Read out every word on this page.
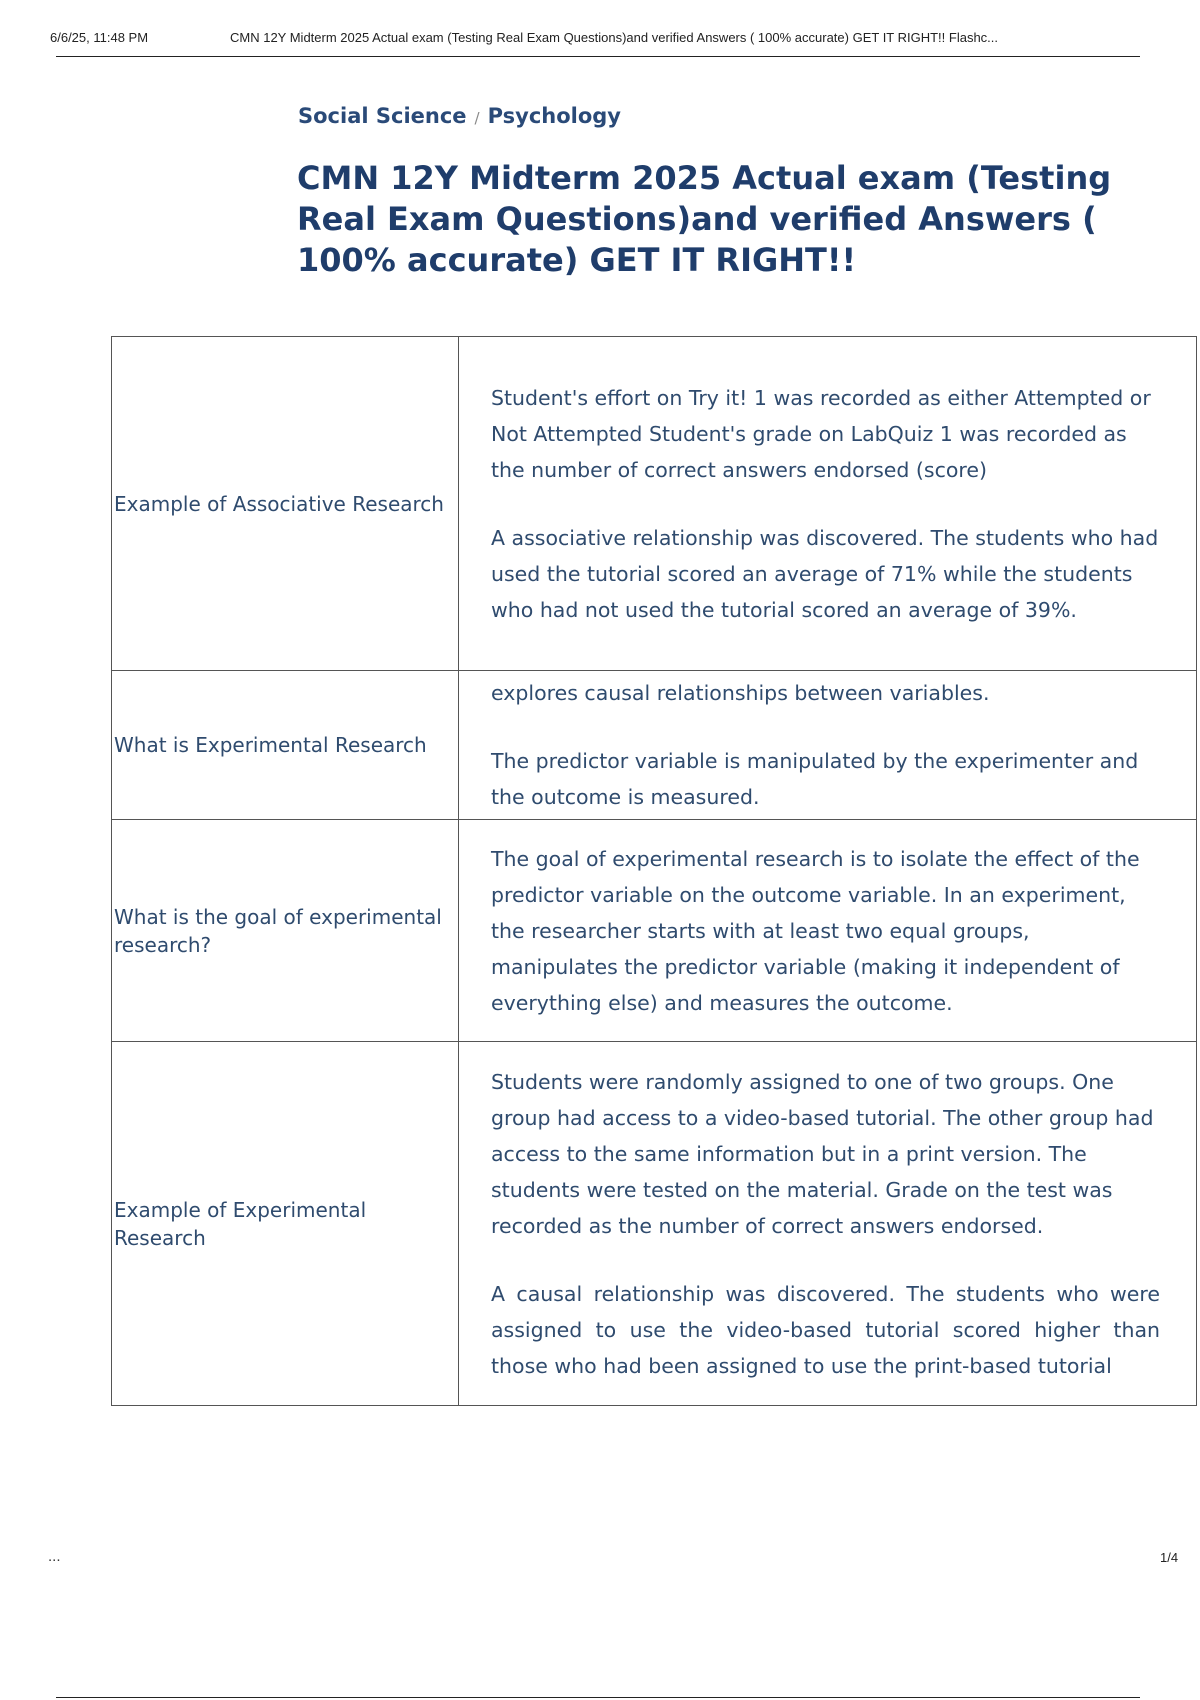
6/6/25, 11:48 PM	CMN 12Y Midterm 2025 Actual exam (Testing Real Exam Questions)and verified Answers ( 100% accurate) GET IT RIGHT!! Flashc...
Social Science / Psychology
CMN 12Y Midterm 2025 Actual exam (Testing Real Exam Questions)and verified Answers ( 100% accurate) GET IT RIGHT!!
Example of Associative Research	Student's effort on Try it! 1 was recorded as either Attempted or Not Attempted Student's grade on LabQuiz 1 was recorded as the number of correct answers endorsed (score)

A associative relationship was discovered. The students who had used the tutorial scored an average of 71% while the students who had not used the tutorial scored an average of 39%.

What is Experimental Research	explores causal relationships between variables.

The predictor variable is manipulated by the experimenter and the outcome is measured.

What is the goal of experimental research?	The goal of experimental research is to isolate the effect of the predictor variable on the outcome variable. In an experiment, the researcher starts with at least two equal groups, manipulates the predictor variable (making it independent of everything else) and measures the outcome.

Example of Experimental Research	Students were randomly assigned to one of two groups. One group had access to a video-based tutorial. The other group had access to the same information but in a print version. The students were tested on the material. Grade on the test was recorded as the number of correct answers endorsed.

A causal relationship was discovered. The students who were assigned to use the video-based tutorial scored higher than those who had been assigned to use the print-based tutorial

...	1/4
